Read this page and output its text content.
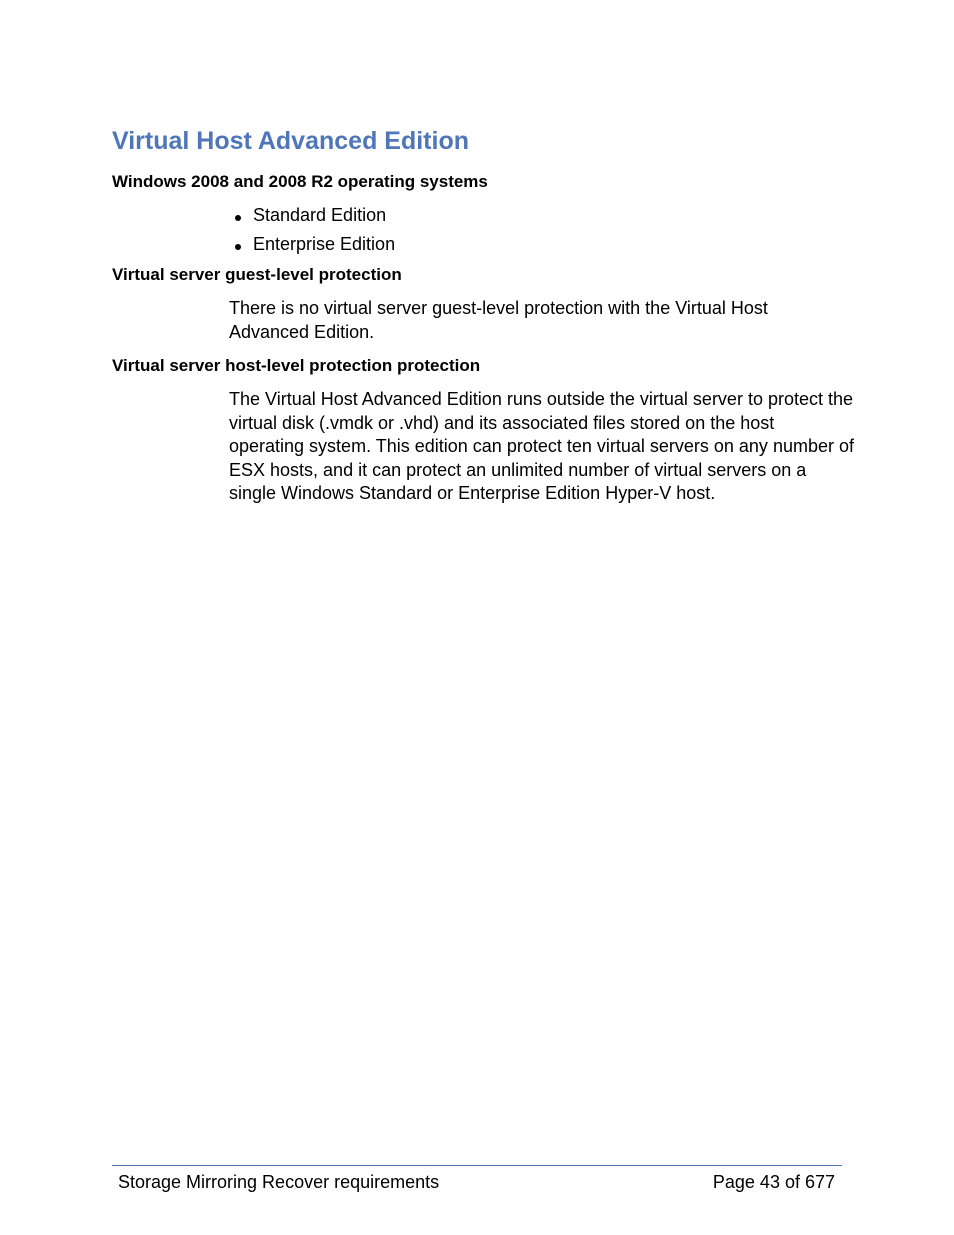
Virtual Host Advanced Edition
Windows 2008 and 2008 R2 operating systems
Standard Edition
Enterprise Edition
Virtual server guest-level protection

There is no virtual server guest-level protection with the Virtual Host Advanced Edition.

Virtual server host-level protection protection

The Virtual Host Advanced Edition runs outside the virtual server to protect the virtual disk (.vmdk or .vhd) and its associated files stored on the host operating system. This edition can protect ten virtual servers on any number of ESX hosts, and it can protect an unlimited number of virtual servers on a single Windows Standard or Enterprise Edition Hyper-V host.

Storage Mirroring Recover requirements	Page 43 of 677
